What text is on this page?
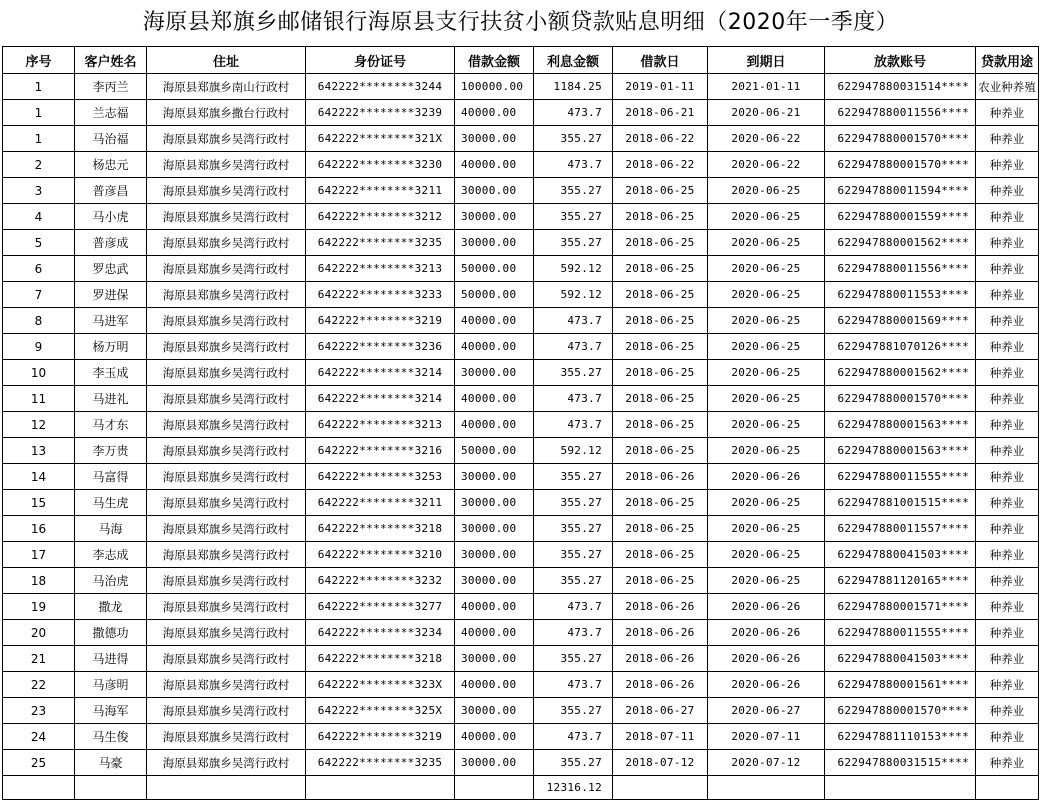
海原县郑旗乡邮储银行海原县支行扶贫小额贷款贴息明细（2020年一季度）
序号	客户姓名	住址	身份证号	借款金额	利息金额	借款日	到期日	放款账号	贷款用途
1	李丙兰	海原县郑旗乡南山行政村	642222********3244	100000.00	1184.25	2019-01-11	2021-01-11	622947880031514****	农业种养殖
1	兰志福	海原县郑旗乡撒台行政村	642222********3239	40000.00	473.7	2018-06-21	2020-06-21	622947880011556****	种养业
1	马治福	海原县郑旗乡吴湾行政村	642222********321X	30000.00	355.27	2018-06-22	2020-06-22	622947880001570****	种养业
2	杨忠元	海原县郑旗乡吴湾行政村	642222********3230	40000.00	473.7	2018-06-22	2020-06-22	622947880001570****	种养业
3	普彦昌	海原县郑旗乡吴湾行政村	642222********3211	30000.00	355.27	2018-06-25	2020-06-25	622947880011594****	种养业
4	马小虎	海原县郑旗乡吴湾行政村	642222********3212	30000.00	355.27	2018-06-25	2020-06-25	622947880001559****	种养业
5	普彦成	海原县郑旗乡吴湾行政村	642222********3235	30000.00	355.27	2018-06-25	2020-06-25	622947880001562****	种养业
6	罗忠武	海原县郑旗乡吴湾行政村	642222********3213	50000.00	592.12	2018-06-25	2020-06-25	622947880011556****	种养业
7	罗进保	海原县郑旗乡吴湾行政村	642222********3233	50000.00	592.12	2018-06-25	2020-06-25	622947880011553****	种养业
8	马进军	海原县郑旗乡吴湾行政村	642222********3219	40000.00	473.7	2018-06-25	2020-06-25	622947880001569****	种养业
9	杨万明	海原县郑旗乡吴湾行政村	642222********3236	40000.00	473.7	2018-06-25	2020-06-25	622947881070126****	种养业
10	李玉成	海原县郑旗乡吴湾行政村	642222********3214	30000.00	355.27	2018-06-25	2020-06-25	622947880001562****	种养业
11	马进礼	海原县郑旗乡吴湾行政村	642222********3214	40000.00	473.7	2018-06-25	2020-06-25	622947880001570****	种养业
12	马才东	海原县郑旗乡吴湾行政村	642222********3213	40000.00	473.7	2018-06-25	2020-06-25	622947880001563****	种养业
13	李万贵	海原县郑旗乡吴湾行政村	642222********3216	50000.00	592.12	2018-06-25	2020-06-25	622947880001563****	种养业
14	马富得	海原县郑旗乡吴湾行政村	642222********3253	30000.00	355.27	2018-06-26	2020-06-26	622947880011555****	种养业
15	马生虎	海原县郑旗乡吴湾行政村	642222********3211	30000.00	355.27	2018-06-25	2020-06-25	622947881001515****	种养业
16	马海	海原县郑旗乡吴湾行政村	642222********3218	30000.00	355.27	2018-06-25	2020-06-25	622947880011557****	种养业
17	李志成	海原县郑旗乡吴湾行政村	642222********3210	30000.00	355.27	2018-06-25	2020-06-25	622947880041503****	种养业
18	马治虎	海原县郑旗乡吴湾行政村	642222********3232	30000.00	355.27	2018-06-25	2020-06-25	622947881120165****	种养业
19	撒龙	海原县郑旗乡吴湾行政村	642222********3277	40000.00	473.7	2018-06-26	2020-06-26	622947880001571****	种养业
20	撒德功	海原县郑旗乡吴湾行政村	642222********3234	40000.00	473.7	2018-06-26	2020-06-26	622947880011555****	种养业
21	马进得	海原县郑旗乡吴湾行政村	642222********3218	30000.00	355.27	2018-06-26	2020-06-26	622947880041503****	种养业
22	马彦明	海原县郑旗乡吴湾行政村	642222********323X	40000.00	473.7	2018-06-26	2020-06-26	622947880001561****	种养业
23	马海军	海原县郑旗乡吴湾行政村	642222********325X	30000.00	355.27	2018-06-27	2020-06-27	622947880001570****	种养业
24	马生俊	海原县郑旗乡吴湾行政村	642222********3219	40000.00	473.7	2018-07-11	2020-07-11	622947881110153****	种养业
25	马豪	海原县郑旗乡吴湾行政村	642222********3235	30000.00	355.27	2018-07-12	2020-07-12	622947880031515****	种养业
					12316.12				
